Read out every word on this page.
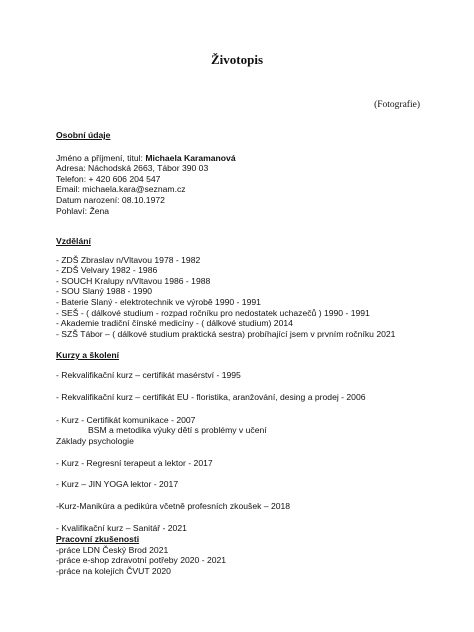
Životopis
(Fotografie)
Osobní údaje
Jméno a příjmení, titul: Michaela Karamanová
Adresa: Náchodská 2663, Tábor 390 03
Telefon: + 420 606 204 547
Email: michaela.kara@seznam.cz
Datum narození: 08.10.1972
Pohlaví: Žena
Vzdělání
- ZDŠ Zbraslav n/Vltavou 1978 - 1982
- ZDŠ Velvary 1982 - 1986
- SOUCH Kralupy n/Vltavou 1986 - 1988
- SOU Slaný 1988 - 1990
- Baterie Slaný - elektrotechnik ve výrobě 1990 - 1991
- SEŠ - ( dálkové studium - rozpad ročníku pro nedostatek uchazečů ) 1990 - 1991
- Akademie tradiční čínské medicíny - ( dálkové studium) 2014
- SZŠ Tábor – ( dálkové studium praktická sestra) probíhající jsem v prvním ročníku 2021
Kurzy a školení
- Rekvalifikační kurz – certifikát masérství - 1995
- Rekvalifikační kurz – certifikát EU - floristika, aranžování, desing a prodej - 2006
- Kurz - Certifikát komunikace - 2007
BSM a metodika výuky dětí s problémy v učení
Základy psychologie
- Kurz - Regresní terapeut a lektor - 2017
- Kurz – JIN YOGA lektor - 2017
-Kurz-Manikúra a pedikúra včetně profesních zkoušek – 2018
- Kvalifikační kurz – Sanitář - 2021
Pracovní zkušenosti
-práce LDN Český Brod 2021
-práce e-shop zdravotní potřeby 2020 - 2021
-práce na kolejích ČVUT 2020
